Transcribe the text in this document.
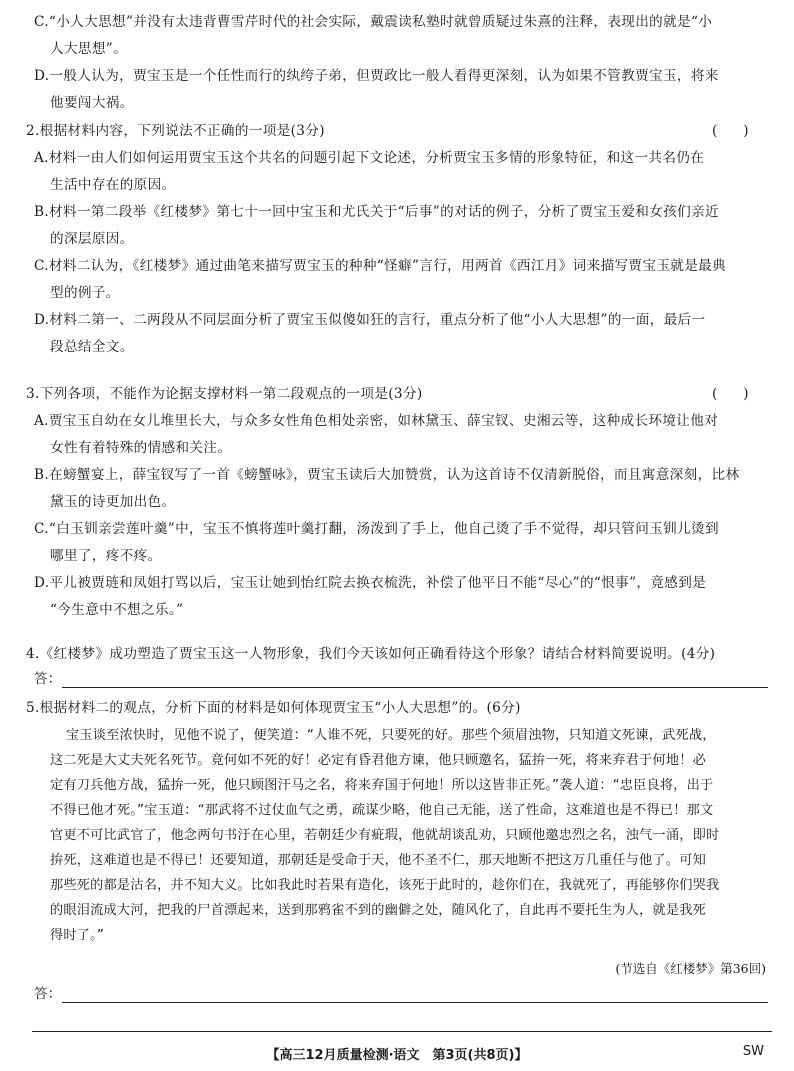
C.“小人大思想”并没有太违背曹雪芹时代的社会实际，戴震读私塾时就曾质疑过朱熹的注释，表现出的就是“小
人大思想”。
D.一般人认为，贾宝玉是一个任性而行的纨绔子弟，但贾政比一般人看得更深刻，认为如果不管教贾宝玉，将来
他要闯大祸。
2.根据材料内容，下列说法不正确的一项是(3分)	(      )
A.材料一由人们如何运用贾宝玉这个共名的问题引起下文论述，分析贾宝玉多情的形象特征，和这一共名仍在
生活中存在的原因。
B.材料一第二段举《红楼梦》第七十一回中宝玉和尤氏关于“后事”的对话的例子，分析了贾宝玉爱和女孩们亲近
的深层原因。
C.材料二认为，《红楼梦》通过曲笔来描写贾宝玉的种种“怪癖”言行，用两首《西江月》词来描写贾宝玉就是最典
型的例子。
D.材料二第一、二两段从不同层面分析了贾宝玉似傻如狂的言行，重点分析了他“小人大思想”的一面，最后一
段总结全文。
3.下列各项，不能作为论据支撑材料一第二段观点的一项是(3分)	(      )
A.贾宝玉自幼在女儿堆里长大，与众多女性角色相处亲密，如林黛玉、薛宝钗、史湘云等，这种成长环境让他对
女性有着特殊的情感和关注。
B.在螃蟹宴上，薛宝钗写了一首《螃蟹咏》，贾宝玉读后大加赞赏，认为这首诗不仅清新脱俗，而且寓意深刻，比林
黛玉的诗更加出色。
C.“白玉钏亲尝莲叶羹”中，宝玉不慎将莲叶羹打翻，汤泼到了手上，他自己烫了手不觉得，却只管问玉钏儿烫到
哪里了，疼不疼。
D.平儿被贾琏和凤姐打骂以后，宝玉让她到怡红院去换衣梳洗，补偿了他平日不能“尽心”的“恨事”，竟感到是
“今生意中不想之乐。”
4.《红楼梦》成功塑造了贾宝玉这一人物形象，我们今天该如何正确看待这个形象？请结合材料简要说明。(4分)
答：
5.根据材料二的观点，分析下面的材料是如何体现贾宝玉“小人大思想”的。(6分)
宝玉谈至浓快时，见他不说了，便笑道：“人谁不死，只要死的好。那些个须眉浊物，只知道文死谏，武死战，
这二死是大丈夫死名死节。竟何如不死的好！必定有昏君他方谏，他只顾邀名，猛拚一死，将来弃君于何地！必
定有刀兵他方战，猛拚一死，他只顾图汗马之名，将来弃国于何地！所以这皆非正死。”袭人道：“忠臣良将，出于
不得已他才死。”宝玉道：“那武将不过仗血气之勇，疏谋少略，他自己无能，送了性命，这难道也是不得已！那文
官更不可比武官了，他念两句书汙在心里，若朝廷少有疵瑕，他就胡谈乱劝，只顾他邀忠烈之名，浊气一涌，即时
拚死，这难道也是不得已！还要知道，那朝廷是受命于天，他不圣不仁，那天地断不把这万几重任与他了。可知
那些死的都是沽名，并不知大义。比如我此时若果有造化，该死于此时的，趁你们在，我就死了，再能够你们哭我
的眼泪流成大河，把我的尸首漂起来，送到那鸦雀不到的幽僻之处，随风化了，自此再不要托生为人，就是我死
得时了。”
(节选自《红楼梦》第36回)
答：
【高三12月质量检测·语文　第3页(共8页)】	SW
